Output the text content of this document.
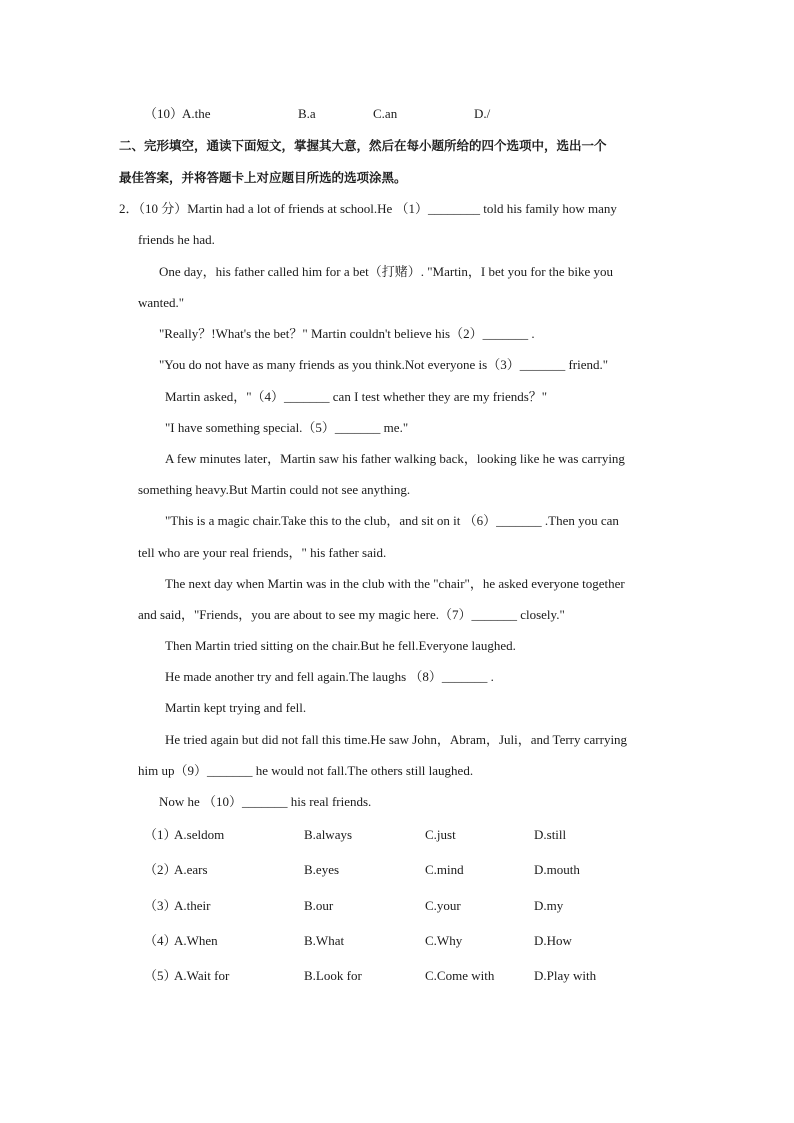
（10）
A.the	B.a	C.an	D./
二、完形填空，通读下面短文，掌握其大意，然后在每小题所给的四个选项中，选出一个
最佳答案，并将答题卡上对应题目所选的选项涂黑。
2．（10 分）Martin had a lot of friends at school.He （1）________ told his family how many
friends he had.
One day，his father called him for a bet（打赌）. "Martin，I bet you for the bike you
wanted."
"Really？!What's the bet？" Martin couldn't believe his（2）_______ .
"You do not have as many friends as you think.Not everyone is（3）_______ friend."
Martin asked，"（4）_______ can I test whether they are my friends？"
"I have something special.（5）_______ me."
A few minutes later，Martin saw his father walking back，looking like he was carrying
something heavy.But Martin could not see anything.
"This is a magic chair.Take this to the club，and sit on it （6）_______ .Then you can
tell who are your real friends，" his father said.
The next day when Martin was in the club with the "chair"，he asked everyone together
and said，"Friends，you are about to see my magic here.（7）_______ closely."
Then Martin tried sitting on the chair.But he fell.Everyone laughed.
He made another try and fell again.The laughs （8）_______ .
Martin kept trying and fell.
He tried again but did not fall this time.He saw John，Abram，Juli，and Terry carrying
him up（9）_______ he would not fall.The others still laughed.
Now he （10）_______ his real friends.
（1）
A.seldom	B.always	C.just	D.still
（2）
A.ears	B.eyes	C.mind	D.mouth
（3）
A.their	B.our	C.your	D.my
（4）
A.When	B.What	C.Why	D.How
（5）
A.Wait for	B.Look for	C.Come with	D.Play with
